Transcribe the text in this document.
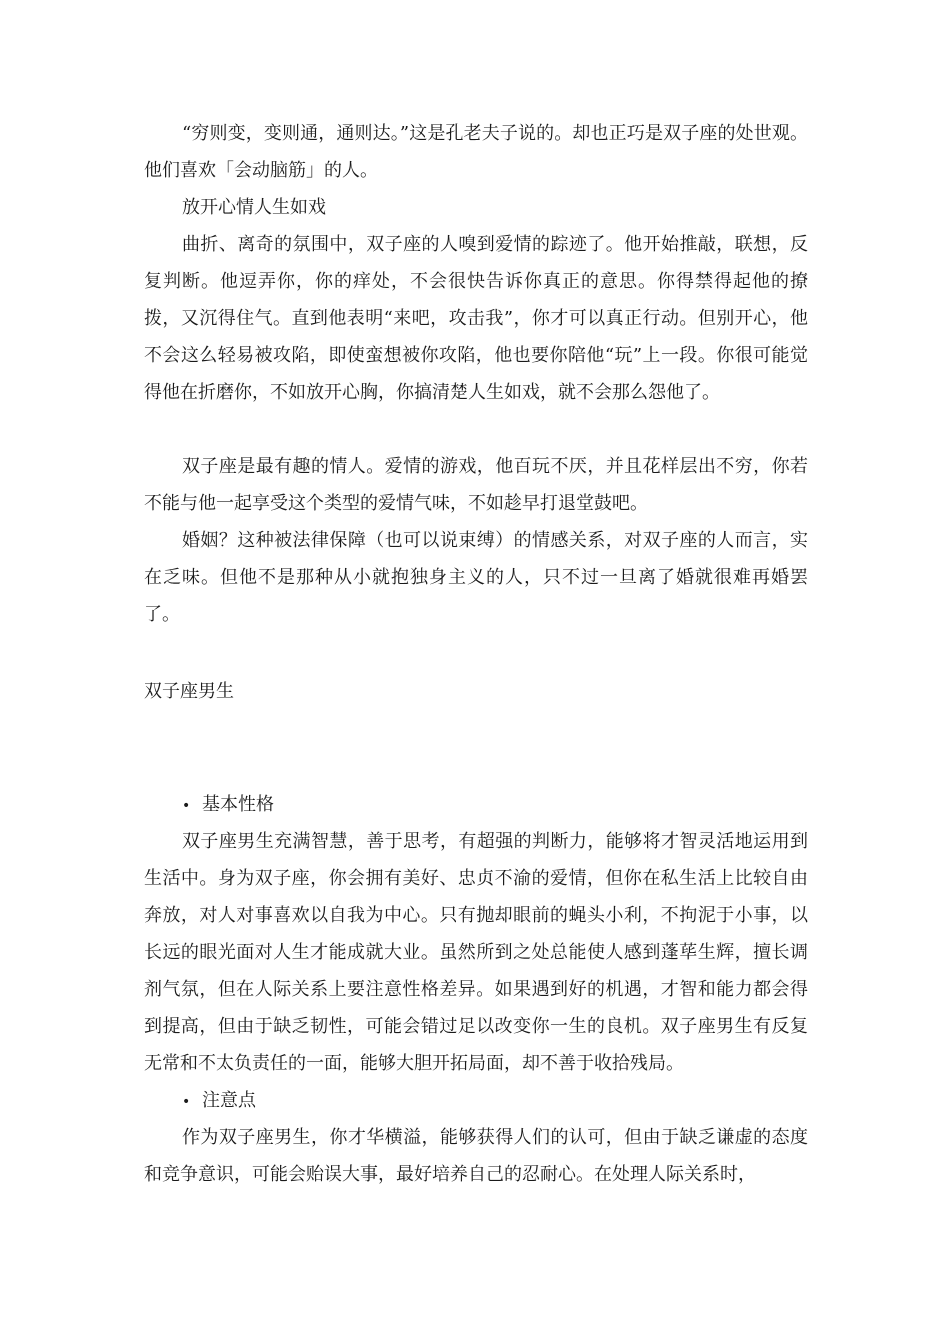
“穷则变，变则通，通则达。”这是孔老夫子说的。却也正巧是双子座的处世观。他们喜欢「会动脑筋」的人。

放开心情人生如戏

曲折、离奇的氛围中，双子座的人嗅到爱情的踪迹了。他开始推敲，联想，反复判断。他逗弄你，你的痒处，不会很快告诉你真正的意思。你得禁得起他的撩拨，又沉得住气。直到他表明“来吧，攻击我”，你才可以真正行动。但别开心，他不会这么轻易被攻陷，即使蛮想被你攻陷，他也要你陪他“玩”上一段。你很可能觉得他在折磨你，不如放开心胸，你搞清楚人生如戏，就不会那么怨他了。

双子座是最有趣的情人。爱情的游戏，他百玩不厌，并且花样层出不穷，你若不能与他一起享受这个类型的爱情气味，不如趁早打退堂鼓吧。

婚姻？这种被法律保障（也可以说束缚）的情感关系，对双子座的人而言，实在乏味。但他不是那种从小就抱独身主义的人，只不过一旦离了婚就很难再婚罢了。

双子座男生

• 基本性格

双子座男生充满智慧，善于思考，有超强的判断力，能够将才智灵活地运用到生活中。身为双子座，你会拥有美好、忠贞不渝的爱情，但你在私生活上比较自由奔放，对人对事喜欢以自我为中心。只有抛却眼前的蝇头小利，不拘泥于小事，以长远的眼光面对人生才能成就大业。虽然所到之处总能使人感到蓬荜生辉，擅长调剂气氛，但在人际关系上要注意性格差异。如果遇到好的机遇，才智和能力都会得到提高，但由于缺乏韧性，可能会错过足以改变你一生的良机。双子座男生有反复无常和不太负责任的一面，能够大胆开拓局面，却不善于收拾残局。

• 注意点

作为双子座男生，你才华横溢，能够获得人们的认可，但由于缺乏谦虚的态度和竞争意识，可能会贻误大事，最好培养自己的忍耐心。在处理人际关系时，
